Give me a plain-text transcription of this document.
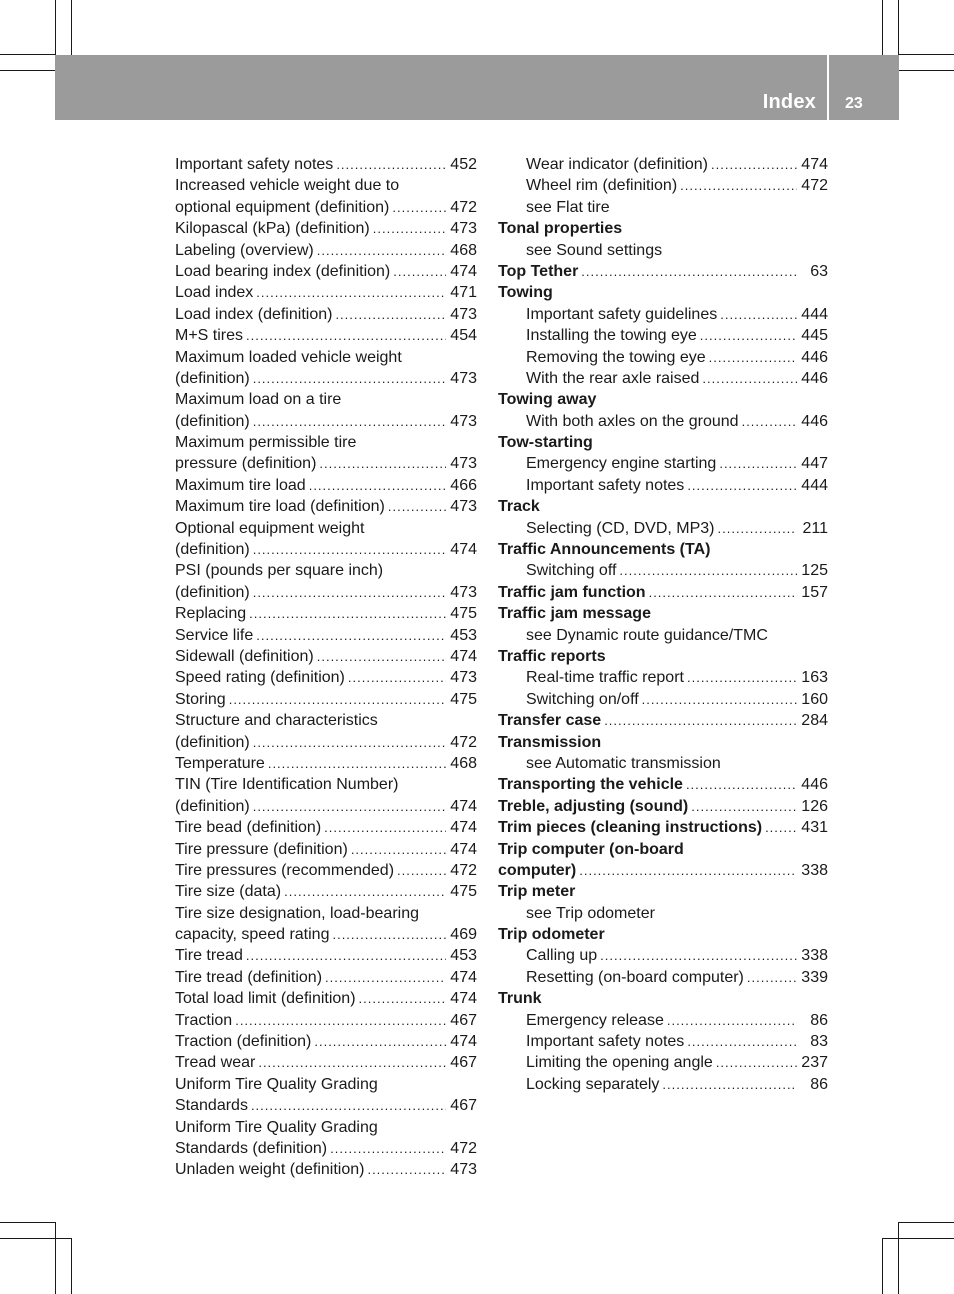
Index 23
Important safety notes .....	452
Increased vehicle weight due to
optional equipment (definition) .....	472
Kilopascal (kPa) (definition) .....	473
Labeling (overview) .....	468
Load bearing index (definition) .....	474
Load index .....	471
Load index (definition) .....	473
M+S tires .....	454
Maximum loaded vehicle weight
(definition) .....	473
Maximum load on a tire
(definition) .....	473
Maximum permissible tire
pressure (definition) .....	473
Maximum tire load .....	466
Maximum tire load (definition) .....	473
Optional equipment weight
(definition) .....	474
PSI (pounds per square inch)
(definition) .....	473
Replacing .....	475
Service life .....	453
Sidewall (definition) .....	474
Speed rating (definition) .....	473
Storing .....	475
Structure and characteristics
(definition) .....	472
Temperature .....	468
TIN (Tire Identification Number)
(definition) .....	474
Tire bead (definition) .....	474
Tire pressure (definition) .....	474
Tire pressures (recommended) .....	472
Tire size (data) .....	475
Tire size designation, load-bearing
capacity, speed rating .....	469
Tire tread .....	453
Tire tread (definition) .....	474
Total load limit (definition) .....	474
Traction .....	467
Traction (definition) .....	474
Tread wear .....	467
Uniform Tire Quality Grading
Standards .....	467
Uniform Tire Quality Grading
Standards (definition) .....	472
Unladen weight (definition) .....	473
Wear indicator (definition) .....	474
Wheel rim (definition) .....	472
see Flat tire
Tonal properties
see Sound settings
Top Tether .....	63
Towing
Important safety guidelines .....	444
Installing the towing eye .....	445
Removing the towing eye .....	446
With the rear axle raised .....	446
Towing away
With both axles on the ground .....	446
Tow-starting
Emergency engine starting .....	447
Important safety notes .....	444
Track
Selecting (CD, DVD, MP3) .....	211
Traffic Announcements (TA)
Switching off .....	125
Traffic jam function .....	157
Traffic jam message
see Dynamic route guidance/TMC
Traffic reports
Real-time traffic report .....	163
Switching on/off .....	160
Transfer case .....	284
Transmission
see Automatic transmission
Transporting the vehicle .....	446
Treble, adjusting (sound) .....	126
Trim pieces (cleaning instructions) ..... 431
Trip computer (on-board
computer) .....	338
Trip meter
see Trip odometer
Trip odometer
Calling up .....	338
Resetting (on-board computer) .....	339
Trunk
Emergency release .....	86
Important safety notes .....	83
Limiting the opening angle .....	237
Locking separately .....	86
